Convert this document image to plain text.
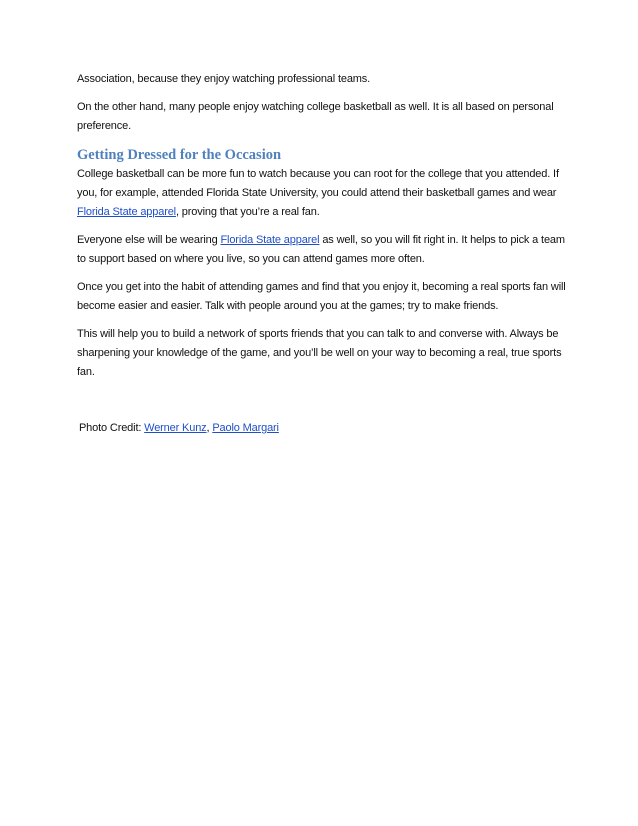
Association, because they enjoy watching professional teams.

On the other hand, many people enjoy watching college basketball as well. It is all based on personal preference.

Getting Dressed for the Occasion

College basketball can be more fun to watch because you can root for the college that you attended. If you, for example, attended Florida State University, you could attend their basketball games and wear Florida State apparel, proving that you’re a real fan.

Everyone else will be wearing Florida State apparel as well, so you will fit right in. It helps to pick a team to support based on where you live, so you can attend games more often.

Once you get into the habit of attending games and find that you enjoy it, becoming a real sports fan will become easier and easier. Talk with people around you at the games; try to make friends.

This will help you to build a network of sports friends that you can talk to and converse with. Always be sharpening your knowledge of the game, and you’ll be well on your way to becoming a real, true sports fan.

Photo Credit: Werner Kunz, Paolo Margari
